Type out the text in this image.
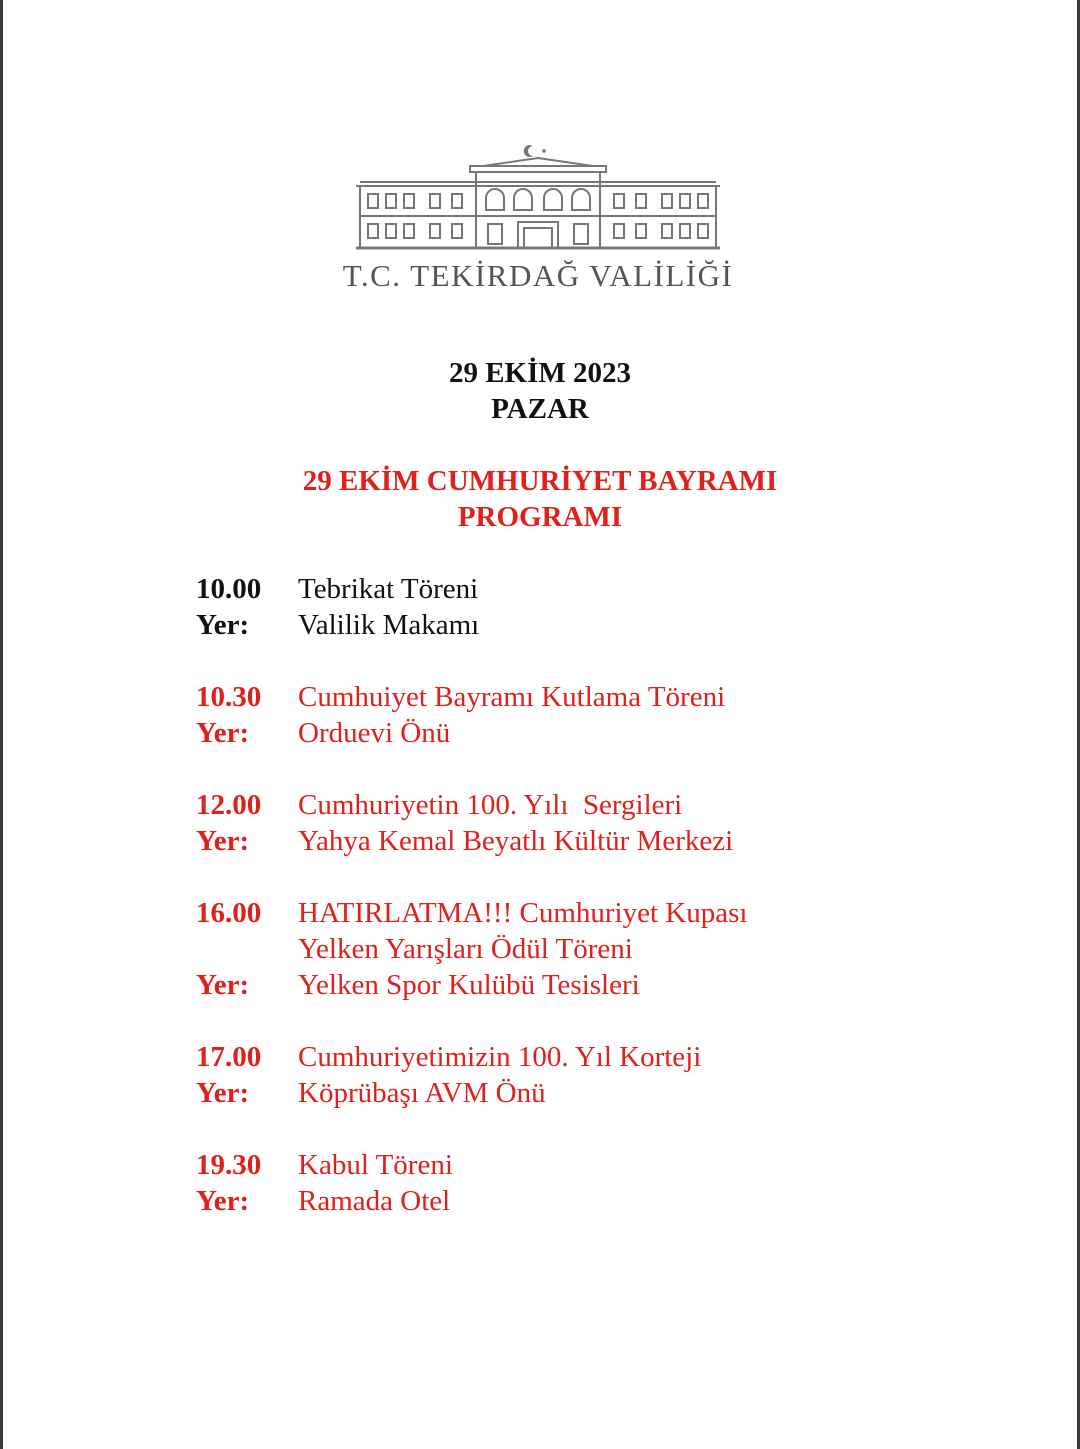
T.C. TEKİRDAĞ VALİLİĞİ
29 EKİM 2023
PAZAR
29 EKİM CUMHURİYET BAYRAMI
PROGRAMI
10.00	Tebrikat Töreni
Yer:	Valilik Makamı
10.30	Cumhuiyet Bayramı Kutlama Töreni
Yer:	Orduevi Önü
12.00	Cumhuriyetin 100. Yılı  Sergileri
Yer:	Yahya Kemal Beyatlı Kültür Merkezi
16.00	HATIRLATMA!!! Cumhuriyet Kupası
Yelken Yarışları Ödül Töreni
Yer:	Yelken Spor Kulübü Tesisleri
17.00	Cumhuriyetimizin 100. Yıl Korteji
Yer:	Köprübaşı AVM Önü
19.30	Kabul Töreni
Yer:	Ramada Otel
